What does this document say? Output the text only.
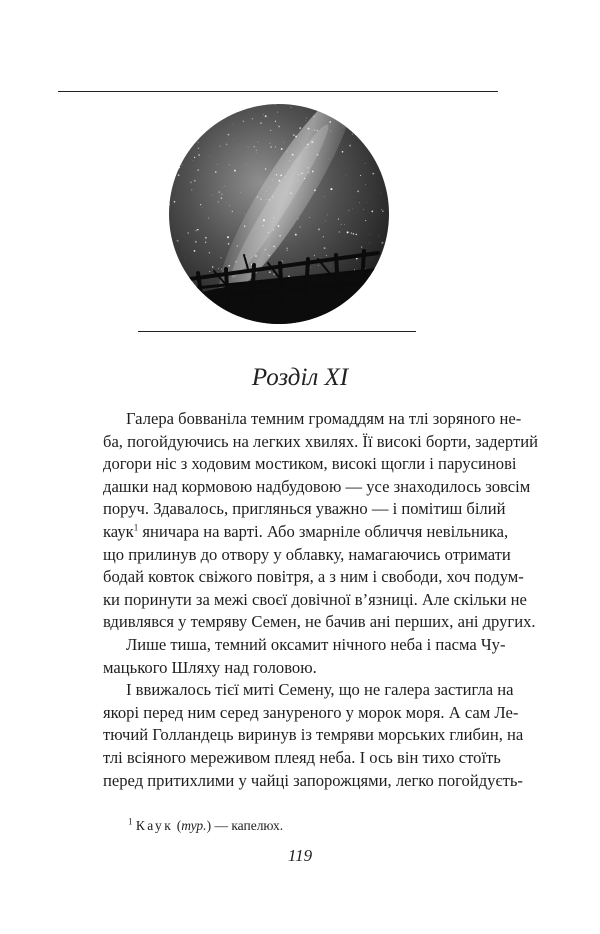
Розділ XI
Галера бовваніла темним громаддям на тлі зоряного не-
ба, погойдуючись на легких хвилях. Її високі борти, задертий
догори ніс з ходовим мостиком, високі щогли і парусинові
дашки над кормовою надбудовою — усе знаходилось зовсім
поруч. Здавалось, приглянься уважно — і помітиш білий
каук$^1$ яничара на варті. Або змарніле обличчя невільника,
що прилинув до отвору у облавку, намагаючись отримати
бодай ковток свіжого повітря, а з ним і свободи, хоч подум-
ки поринути за межі своєї довічної в’язниці. Але скільки не
вдивлявся у темряву Семен, не бачив ані перших, ані других.
Лише тиша, темний оксамит нічного неба і пасма Чу-
мацького Шляху над головою.
І ввижалось тієї миті Семену, що не галера застигла на
якорі перед ним серед зануреного у морок моря. А сам Ле-
тючий Голландець виринув із темряви морських глибин, на
тлі всіяного мереживом плеяд неба. І ось він тихо стоїть
перед притихлими у чайці запорожцями, легко погойдуєть-
$^1$ Каук (тур.) — капелюх.
119
